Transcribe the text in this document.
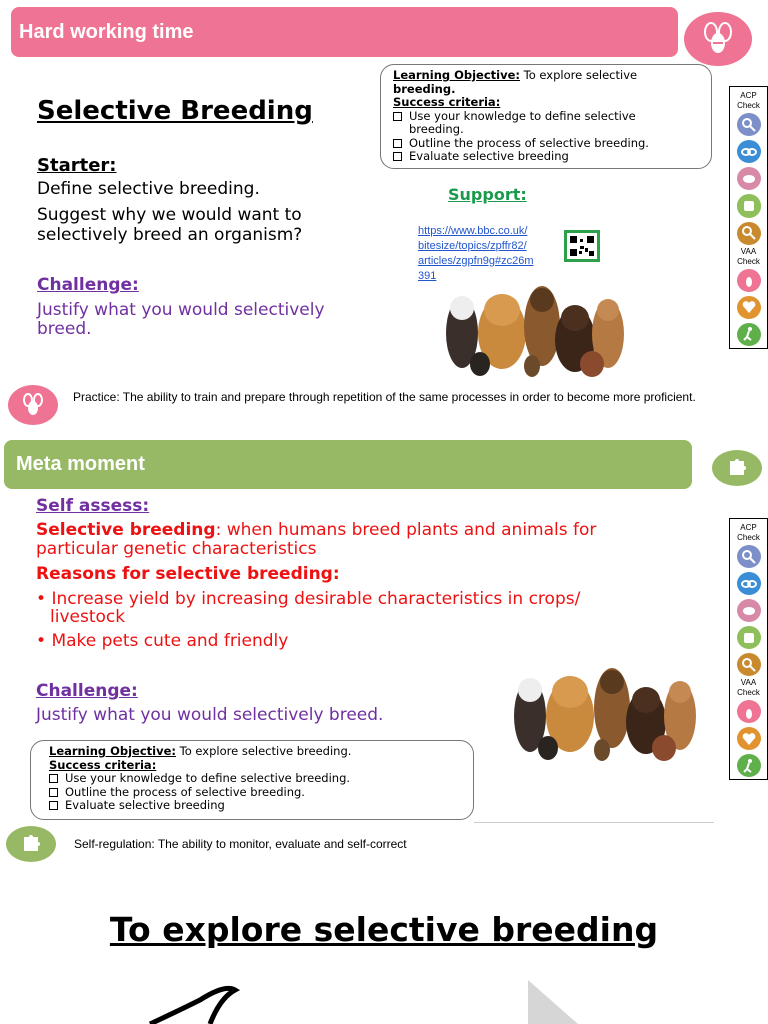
Hard working time
Selective Breeding
Starter:
Define selective breeding.
Suggest why we would want to
selectively breed an organism?
Challenge:
Justify what you would selectively
breed.
Learning Objective: To explore selective
breeding.
Success criteria:
Use your knowledge to define selective
breeding.
Outline the process of selective breeding.
Evaluate selective breeding
Support:
https://www.bbc.co.uk/
bitesize/topics/zpffr82/
articles/zgpfn9g#zc26m
391
ACP Check
VAA Check
Practice: The ability to train and prepare through repetition of the same processes in order to become more proficient.
Meta moment
Self assess:
Selective breeding: when humans breed plants and animals for
particular genetic characteristics
Reasons for selective breeding:
• Increase yield by increasing desirable characteristics in crops/
livestock
• Make pets cute and friendly
Challenge:
Justify what you would selectively breed.
Learning Objective: To explore selective breeding.
Success criteria:
Use your knowledge to define selective breeding.
Outline the process of selective breeding.
Evaluate selective breeding
ACP Check
VAA Check
Self-regulation: The ability to monitor, evaluate and self-correct
To explore selective breeding
